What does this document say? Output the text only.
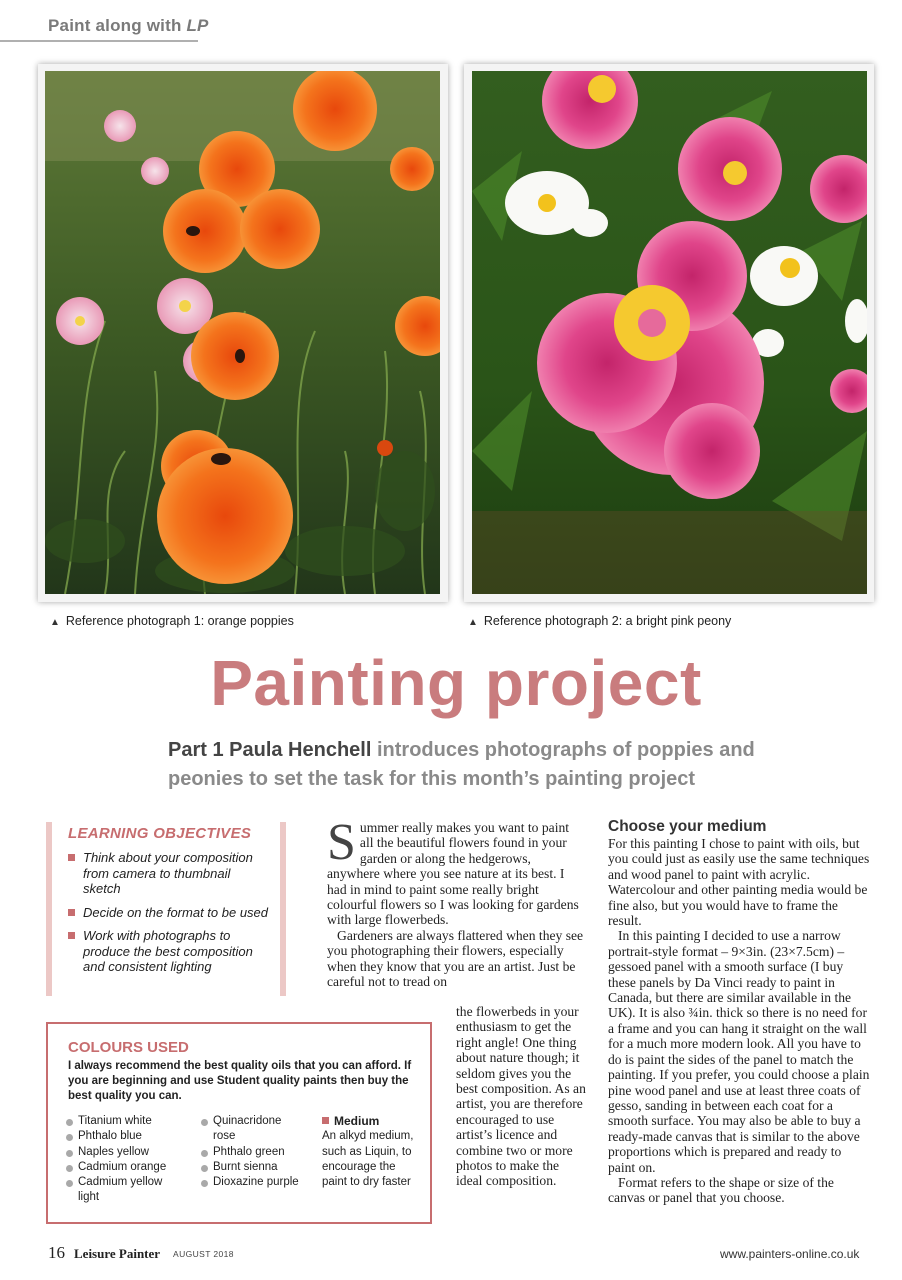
Paint along with LP
▲ Reference photograph 1: orange poppies	▲ Reference photograph 2: a bright pink peony
Painting project
Part 1 Paula Henchell introduces photographs of poppies and peonies to set the task for this month’s painting project
LEARNING OBJECTIVES
Think about your composition from camera to thumbnail sketch
Decide on the format to be used
Work with photographs to produce the best composition and consistent lighting
COLOURS USED
I always recommend the best quality oils that you can afford. If you are beginning and use Student quality paints then buy the best quality you can.
Titanium white
Phthalo blue
Naples yellow
Cadmium orange
Cadmium yellow light
Quinacridone rose
Phthalo green
Burnt sienna
Dioxazine purple
Medium
An alkyd medium, such as Liquin, to encourage the paint to dry faster

Summer really makes you want to paint all the beautiful flowers found in your garden or along the hedgerows, anywhere where you see nature at its best. I had in mind to paint some really bright colourful flowers so I was looking for gardens with large flowerbeds.

Gardeners are always flattered when they see you photographing their flowers, especially when they know that you are an artist. Just be careful not to tread on

the flowerbeds in your enthusiasm to get the right angle! One thing about nature though; it seldom gives you the best composition. As an artist, you are therefore encouraged to use artist’s licence and combine two or more photos to make the ideal composition.

Choose your medium

For this painting I chose to paint with oils, but you could just as easily use the same techniques and wood panel to paint with acrylic. Watercolour and other painting media would be fine also, but you would have to frame the result.

In this painting I decided to use a narrow portrait-style format – 9×3in. (23×7.5cm) – gessoed panel with a smooth surface (I buy these panels by Da Vinci ready to paint in Canada, but there are similar available in the UK). It is also ¾in. thick so there is no need for a frame and you can hang it straight on the wall for a much more modern look. All you have to do is paint the sides of the panel to match the painting. If you prefer, you could choose a plain pine wood panel and use at least three coats of gesso, sanding in between each coat for a smooth surface. You may also be able to buy a ready-made canvas that is similar to the above proportions which is prepared and ready to paint on.

Format refers to the shape or size of the canvas or panel that you choose.

16 Leisure Painter AUGUST 2018	www.painters-online.co.uk
